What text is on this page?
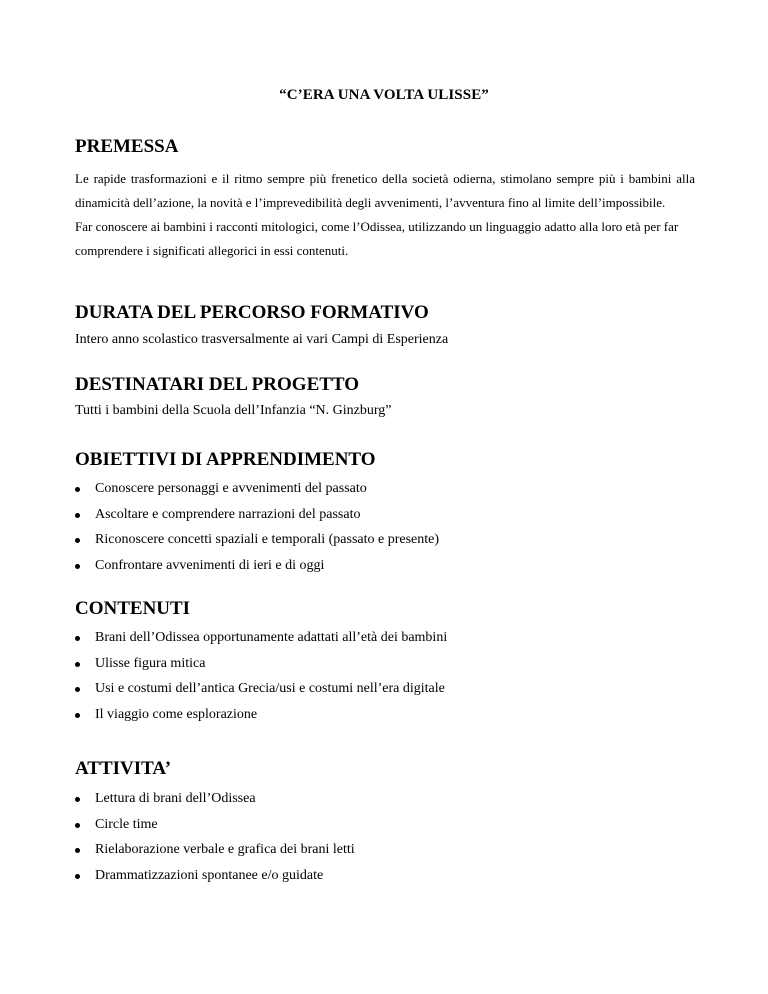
“C’ERA UNA VOLTA ULISSE”
PREMESSA

Le rapide trasformazioni e il ritmo sempre più frenetico della società odierna, stimolano sempre più i bambini alla dinamicità dell’azione, la novità e l’imprevedibilità degli avvenimenti, l’avventura fino al limite dell’impossibile.

Far conoscere ai bambini i racconti mitologici, come l’Odissea, utilizzando un linguaggio adatto alla loro età per far comprendere i significati allegorici in essi contenuti.

DURATA DEL PERCORSO FORMATIVO

Intero anno scolastico trasversalmente ai vari Campi di Esperienza

DESTINATARI DEL PROGETTO

Tutti i bambini della Scuola dell’Infanzia “N. Ginzburg”

OBIETTIVI DI APPRENDIMENTO
Conoscere personaggi e avvenimenti del passato
Ascoltare e comprendere narrazioni del passato
Riconoscere concetti spaziali e temporali (passato e presente)
Confrontare avvenimenti di ieri e di oggi
CONTENUTI
Brani dell’Odissea opportunamente adattati all’età dei bambini
Ulisse figura mitica
Usi e costumi dell’antica Grecia/usi e costumi nell’era digitale
Il viaggio come esplorazione
ATTIVITA’
Lettura di brani dell’Odissea
Circle time
Rielaborazione verbale e grafica dei brani letti
Drammatizzazioni spontanee e/o guidate
